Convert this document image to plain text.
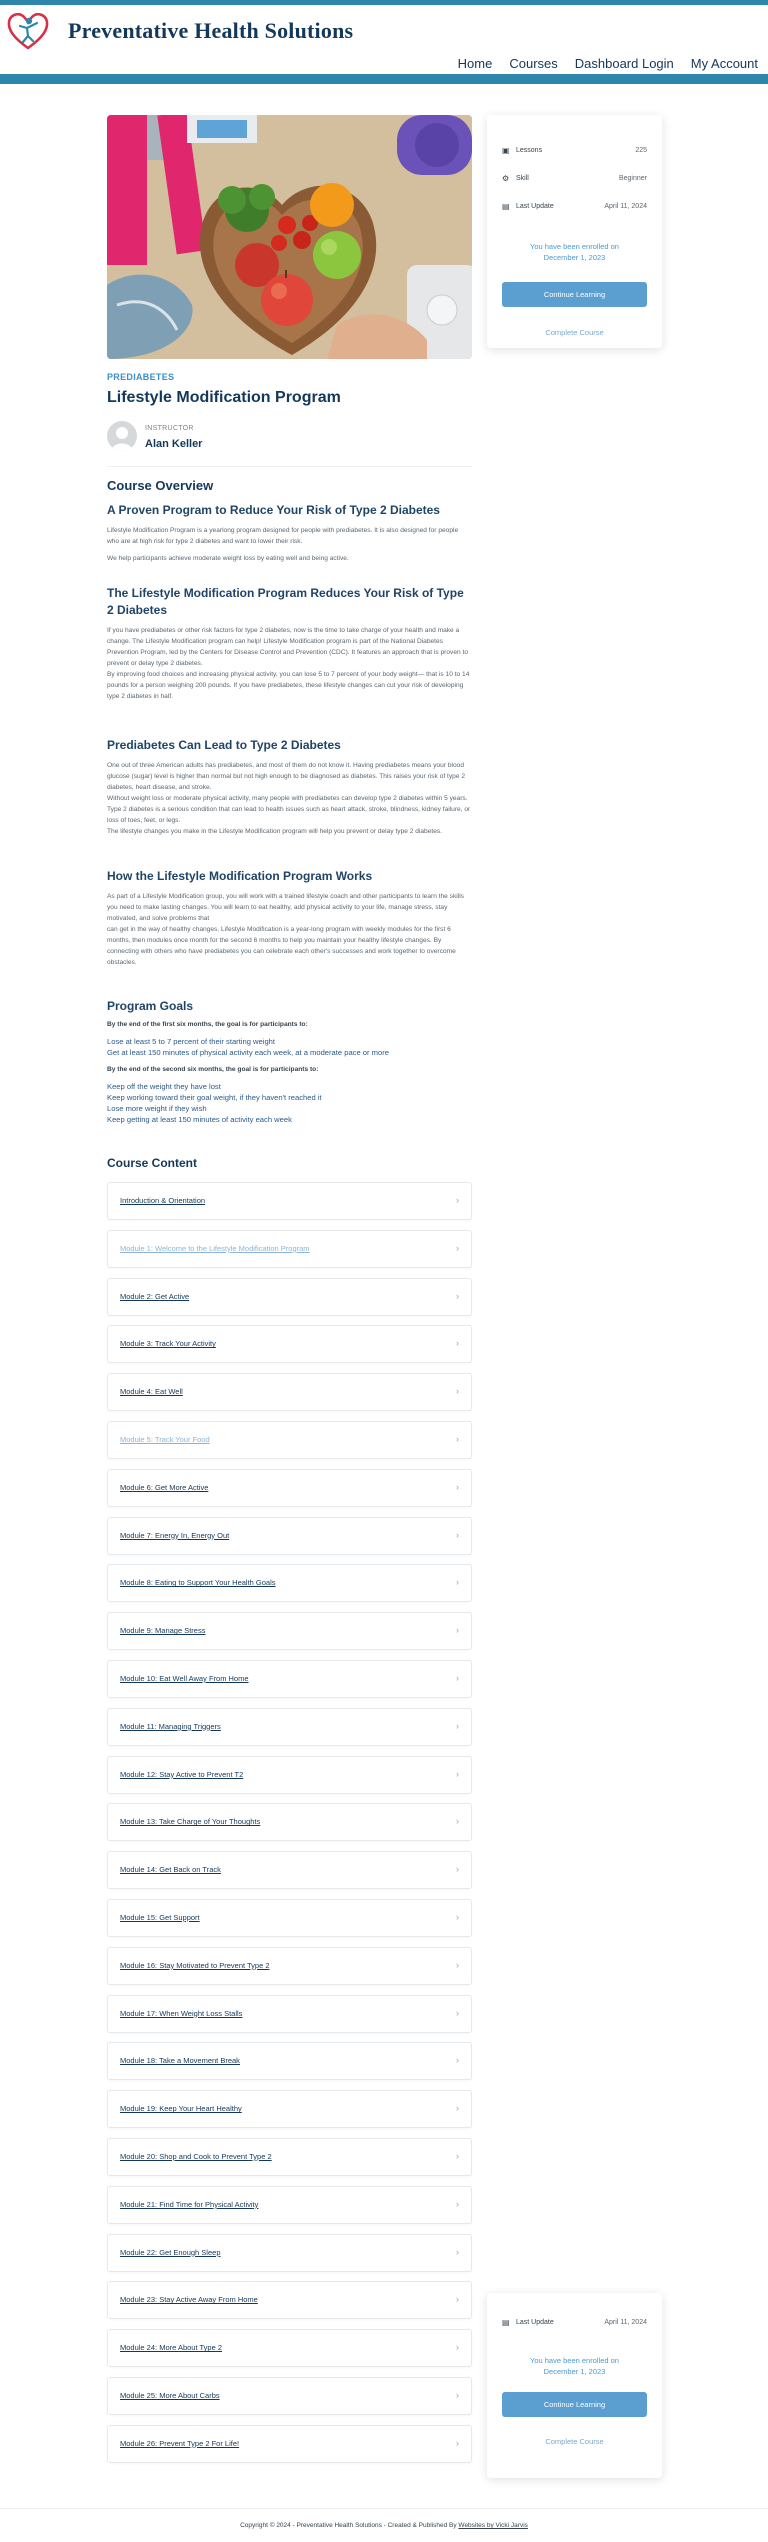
Preventative Health Solutions
Home Courses Dashboard Login My Account
PREDIABETES
Lifestyle Modification Program
INSTRUCTOR
Alan Keller
Course Overview
A Proven Program to Reduce Your Risk of Type 2 Diabetes

Lifestyle Modification Program is a yearlong program designed for people with prediabetes. It is also designed for people who are at high risk for type 2 diabetes and want to lower their risk.

We help participants achieve moderate weight loss by eating well and being active.

The Lifestyle Modification Program Reduces Your Risk of Type 2 Diabetes

If you have prediabetes or other risk factors for type 2 diabetes, now is the time to take charge of your health and make a change. The Lifestyle Modification program can help! Lifestyle Modification program is part of the National Diabetes Prevention Program, led by the Centers for Disease Control and Prevention (CDC). It features an approach that is proven to prevent or delay type 2 diabetes.

By improving food choices and increasing physical activity, you can lose 5 to 7 percent of your body weight— that is 10 to 14 pounds for a person weighing 200 pounds. If you have prediabetes, these lifestyle changes can cut your risk of developing type 2 diabetes in half.

Prediabetes Can Lead to Type 2 Diabetes

One out of three American adults has prediabetes, and most of them do not know it. Having prediabetes means your blood glucose (sugar) level is higher than normal but not high enough to be diagnosed as diabetes. This raises your risk of type 2 diabetes, heart disease, and stroke.

Without weight loss or moderate physical activity, many people with prediabetes can develop type 2 diabetes within 5 years. Type 2 diabetes is a serious condition that can lead to health issues such as heart attack, stroke, blindness, kidney failure, or loss of toes, feet, or legs.

The lifestyle changes you make in the Lifestyle Modification program will help you prevent or delay type 2 diabetes.

How the Lifestyle Modification Program Works

As part of a Lifestyle Modification group, you will work with a trained lifestyle coach and other participants to learn the skills you need to make lasting changes. You will learn to eat healthy, add physical activity to your life, manage stress, stay motivated, and solve problems that

can get in the way of healthy changes. Lifestyle Modification is a year-long program with weekly modules for the first 6 months, then modules once month for the second 6 months to help you maintain your healthy lifestyle changes. By connecting with others who have prediabetes you can celebrate each other's successes and work together to overcome obstacles.

Program Goals
By the end of the first six months, the goal is for participants to:
Lose at least 5 to 7 percent of their starting weight
Get at least 150 minutes of physical activity each week, at a moderate pace or more
By the end of the second six months, the goal is for participants to:
Keep off the weight they have lost
Keep working toward their goal weight, if they haven't reached it
Lose more weight if they wish
Keep getting at least 150 minutes of activity each week
Course Content
Introduction & Orientation	›
Module 1: Welcome to the Lifestyle Modification Program	›
Module 2: Get Active	›
Module 3: Track Your Activity	›
Module 4: Eat Well	›
Module 5: Track Your Food	›
Module 6: Get More Active	›
Module 7: Energy In, Energy Out	›
Module 8: Eating to Support Your Health Goals	›
Module 9: Manage Stress	›
Module 10: Eat Well Away From Home	›
Module 11: Managing Triggers	›
Module 12: Stay Active to Prevent T2	›
Module 13: Take Charge of Your Thoughts	›
Module 14: Get Back on Track	›
Module 15: Get Support	›
Module 16: Stay Motivated to Prevent Type 2	›
Module 17: When Weight Loss Stalls	›
Module 18: Take a Movement Break	›
Module 19: Keep Your Heart Healthy	›
Module 20: Shop and Cook to Prevent Type 2	›
Module 21: Find Time for Physical Activity	›
Module 22: Get Enough Sleep	›
Module 23: Stay Active Away From Home	›
Module 24: More About Type 2	›
Module 25: More About Carbs	›
Module 26: Prevent Type 2 For Life!	›
▣ Lessons	225
⚙ Skill	Beginner
▤ Last Update	April 11, 2024
You have been enrolled on
December 1, 2023
Continue Learning
Complete Course
▤ Last Update	April 11, 2024
You have been enrolled on
December 1, 2023
Continue Learning
Complete Course
Copyright © 2024 - Preventative Health Solutions - Created & Published By Websites by Vicki Jarvis
